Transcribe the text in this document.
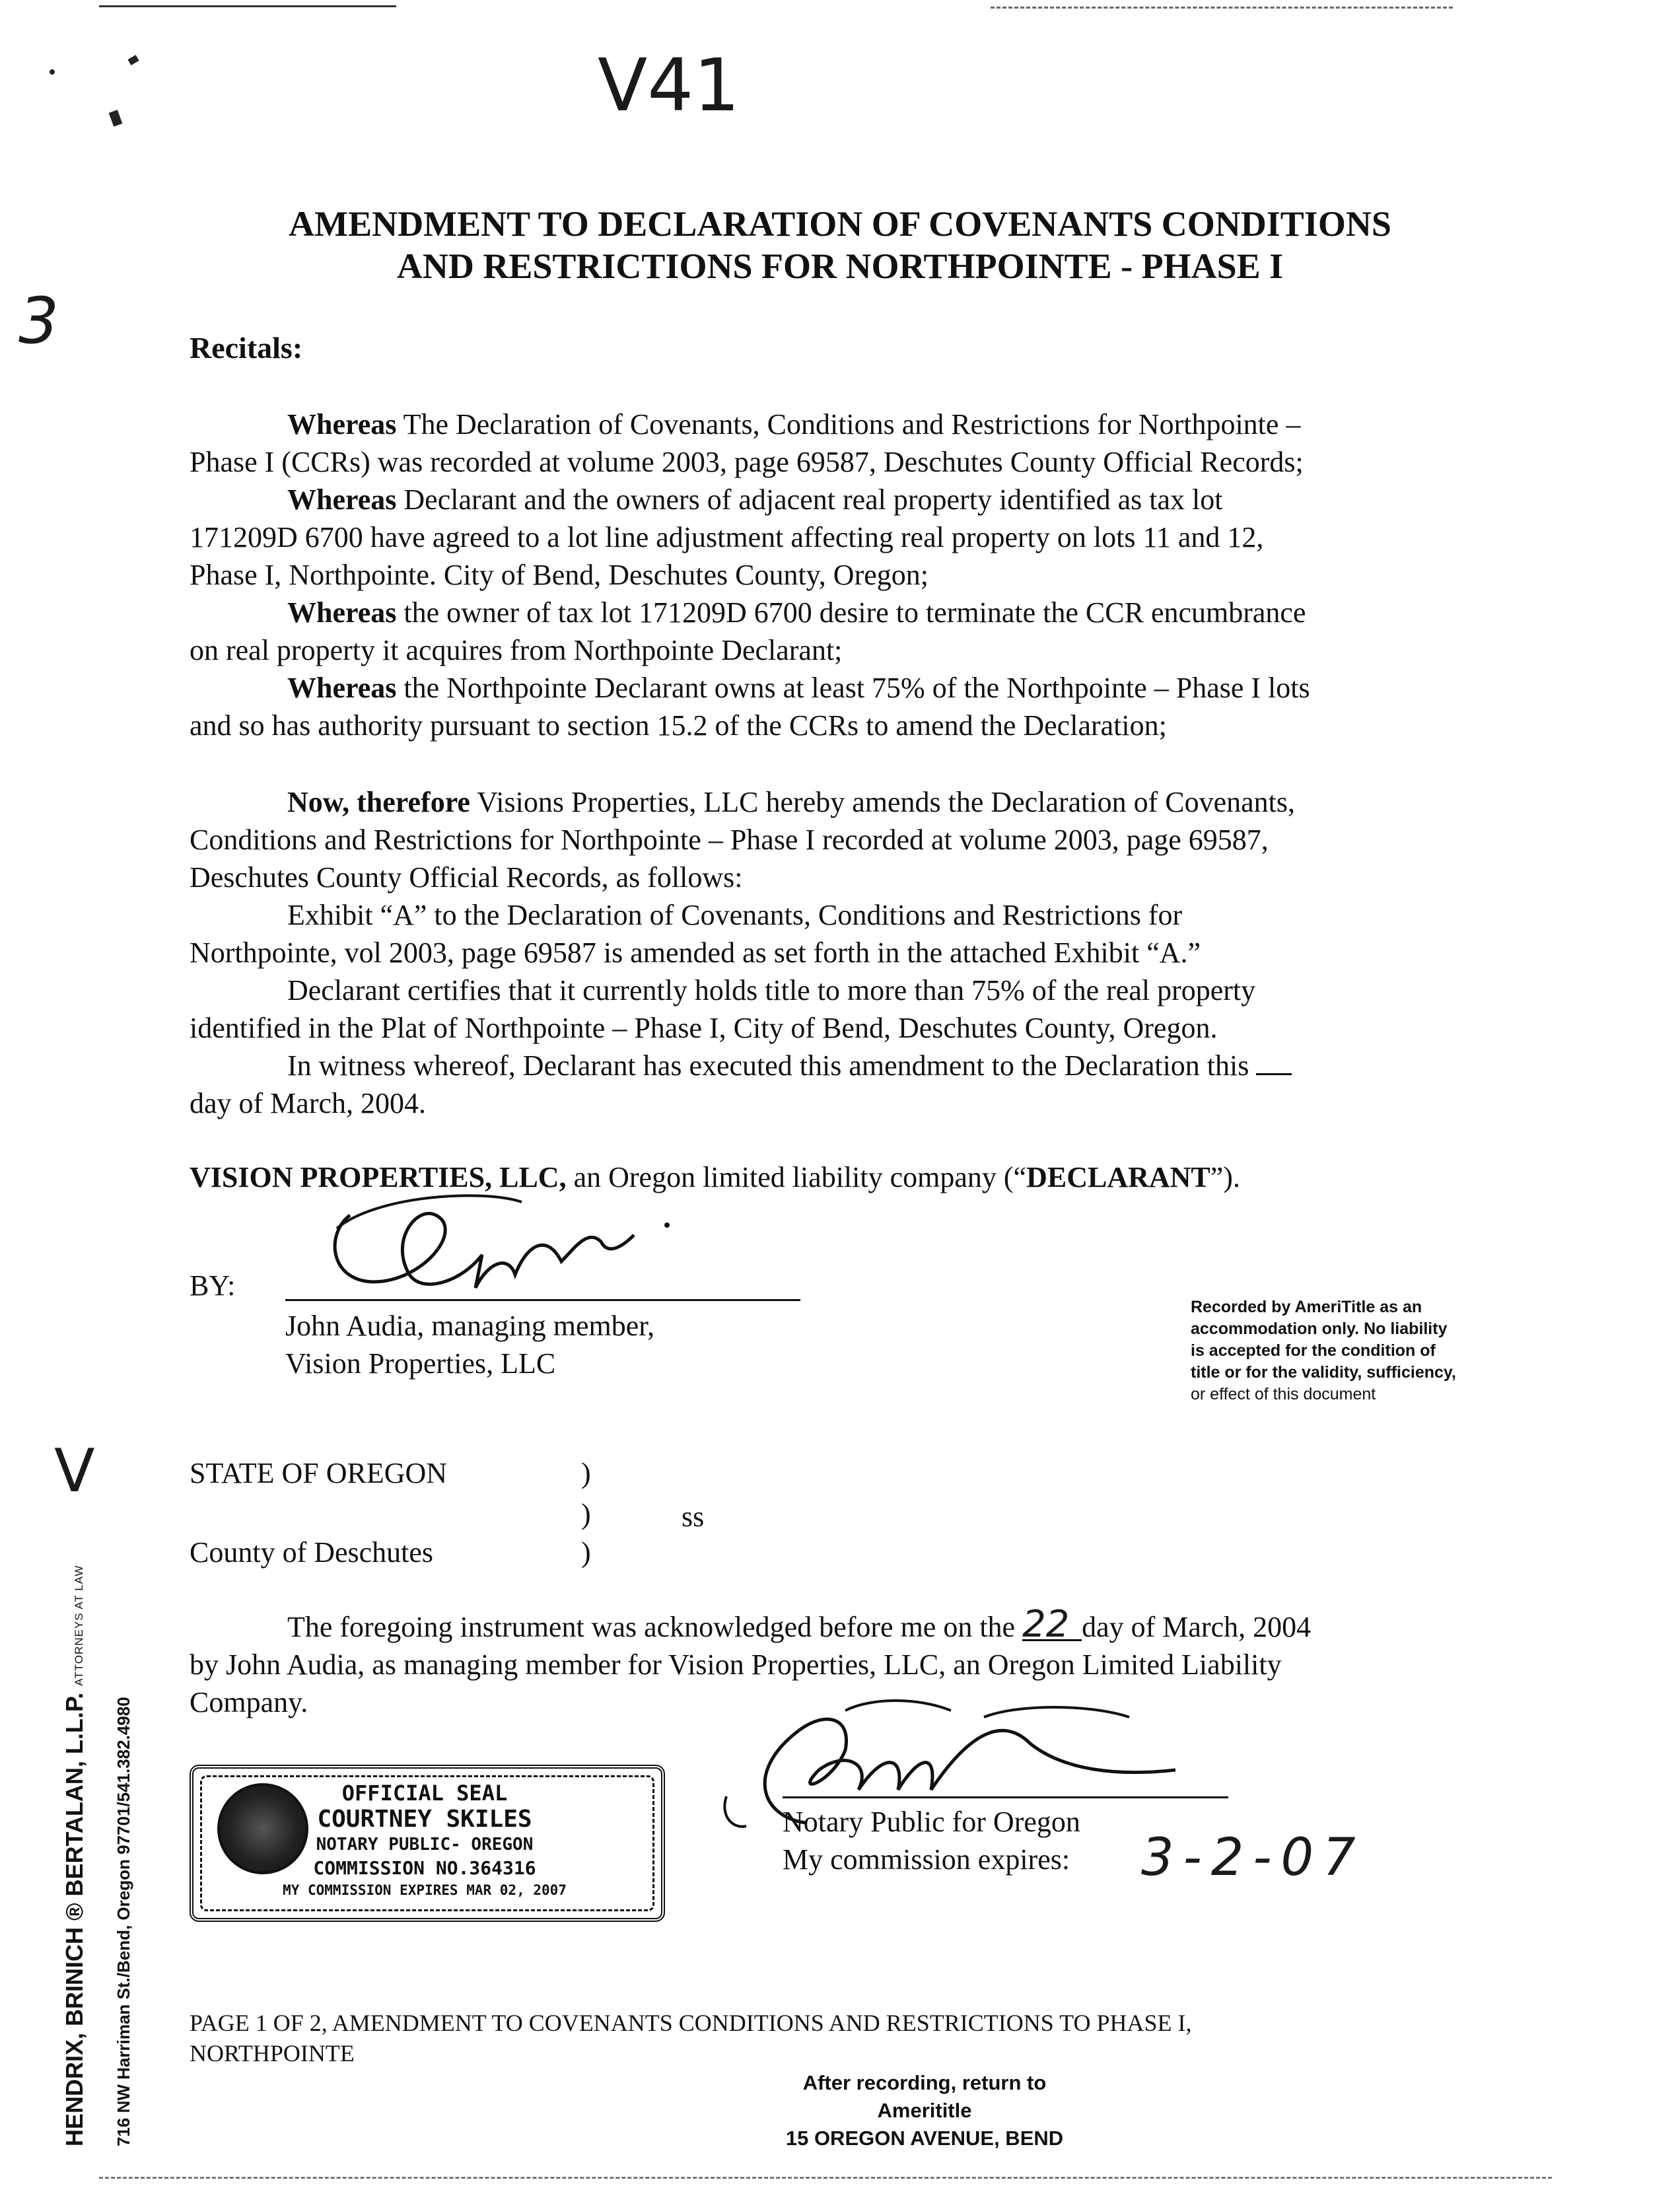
V41
3
AMENDMENT TO DECLARATION OF COVENANTS CONDITIONS
AND RESTRICTIONS FOR NORTHPOINTE - PHASE I
Recitals:
Whereas The Declaration of Covenants, Conditions and Restrictions for Northpointe –
Phase I (CCRs) was recorded at volume 2003, page 69587, Deschutes County Official Records;
Whereas Declarant and the owners of adjacent real property identified as tax lot
171209D 6700 have agreed to a lot line adjustment affecting real property on lots 11 and 12,
Phase I, Northpointe. City of Bend, Deschutes County, Oregon;
Whereas the owner of tax lot 171209D 6700 desire to terminate the CCR encumbrance
on real property it acquires from Northpointe Declarant;
Whereas the Northpointe Declarant owns at least 75% of the Northpointe – Phase I lots
and so has authority pursuant to section 15.2 of the CCRs to amend the Declaration;
Now, therefore Visions Properties, LLC hereby amends the Declaration of Covenants,
Conditions and Restrictions for Northpointe – Phase I recorded at volume 2003, page 69587,
Deschutes County Official Records, as follows:
Exhibit “A” to the Declaration of Covenants, Conditions and Restrictions for
Northpointe, vol 2003, page 69587 is amended as set forth in the attached Exhibit “A.”
Declarant certifies that it currently holds title to more than 75% of the real property
identified in the Plat of Northpointe – Phase I, City of Bend, Deschutes County, Oregon.
In witness whereof, Declarant has executed this amendment to the Declaration this
day of March, 2004.
VISION PROPERTIES, LLC, an Oregon limited liability company (“DECLARANT”).
BY:
John Audia, managing member,
Vision Properties, LLC
Recorded by AmeriTitle as an
accommodation only. No liability
is accepted for the condition of
title or for the validity, sufficiency,
or effect of this document
V	STATE OF OREGON	)
)	ss
County of Deschutes	)
The foregoing instrument was acknowledged before me on the 22 day of March, 2004
by John Audia, as managing member for Vision Properties, LLC, an Oregon Limited Liability
Company.
Notary Public for Oregon
My commission expires: 3-2-07
OFFICIAL SEAL
COURTNEY SKILES
NOTARY PUBLIC- OREGON
COMMISSION NO.364316
MY COMMISSION EXPIRES MAR 02, 2007
HENDRIX, BRINICH ® BERTALAN, L.L.P. ATTORNEYS AT LAW
716 NW Harriman St./Bend, Oregon 97701/541.382.4980 PAGE 1 OF 2, AMENDMENT TO COVENANTS CONDITIONS AND RESTRICTIONS TO PHASE I,
NORTHPOINTE
After recording, return to
Amerititle
15 OREGON AVENUE, BEND
